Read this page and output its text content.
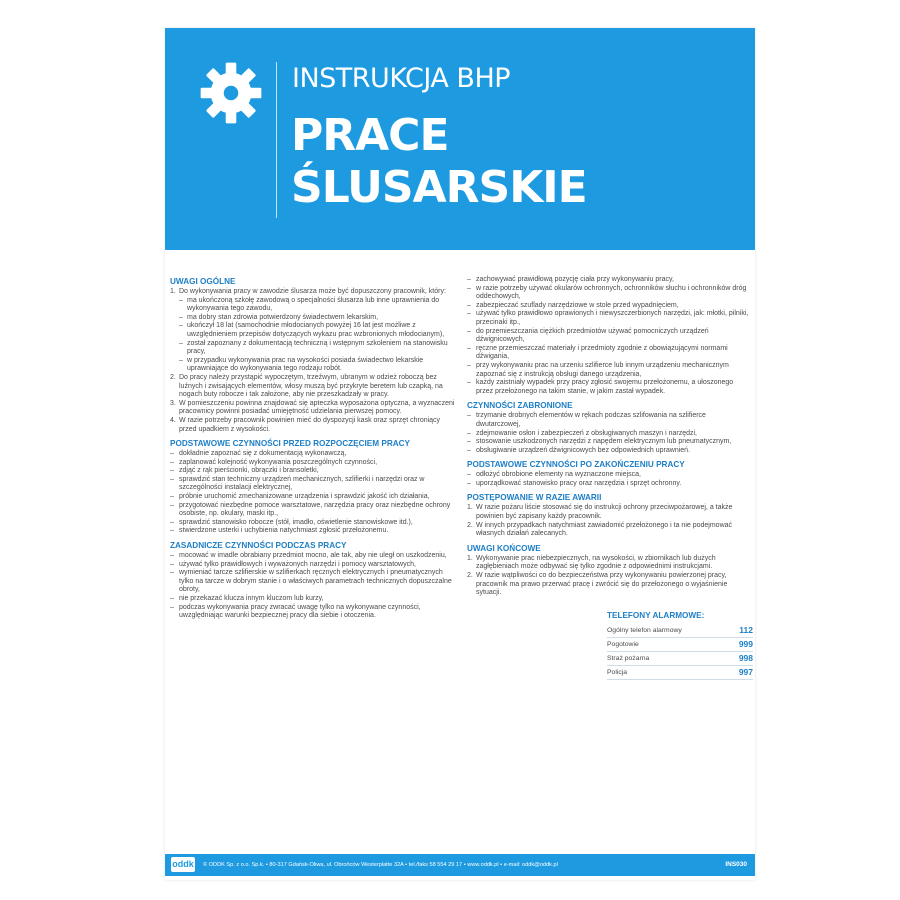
INSTRUKCJA BHP
PRACE
ŚLUSARSKIE
UWAGI OGÓLNE
1. Do wykonywania pracy w zawodzie ślusarza może być dopuszczony pracownik, który:
– ma ukończoną szkołę zawodową o specjalności ślusarza lub inne uprawnienia do wykonywania tego zawodu,
– ma dobry stan zdrowia potwierdzony świadectwem lekarskim,
– ukończył 18 lat (samochodnie młodocianych powyżej 16 lat jest możliwe z uwzględnieniem przepisów dotyczących wykazu prac wzbronionych młodocianym),
– został zapoznany z dokumentacją techniczną i wstępnym szkoleniem na stanowisku pracy,
– w przypadku wykonywania prac na wysokości posiada świadectwo lekarskie uprawniające do wykonywania tego rodzaju robót.
2. Do pracy należy przystąpić wypoczętym, trzeźwym, ubranym w odzież roboczą bez luźnych i zwisających elementów, włosy muszą być przykryte beretem lub czapką, na nogach buty robocze i tak założone, aby nie przeszkadzały w pracy.
3. W pomieszczeniu powinna znajdować się apteczka wyposażona optyczna, a wyznaczeni pracownicy powinni posiadać umiejętność udzielania pierwszej pomocy.
4. W razie potrzeby pracownik powinien mieć do dyspozycji kask oraz sprzęt chroniący przed upadkiem z wysokości.
PODSTAWOWE CZYNNOŚCI PRZED ROZPOCZĘCIEM PRACY
– dokładnie zapoznać się z dokumentacją wykonawczą,
– zaplanować kolejność wykonywania poszczególnych czynności,
– zdjąć z rąk pierścionki, obrączki i bransoletki,
– sprawdzić stan techniczny urządzeń mechanicznych, szlifierki i narzędzi oraz w szczególności instalacji elektrycznej,
– próbnie uruchomić zmechanizowane urządzenia i sprawdzić jakość ich działania,
– przygotować niezbędne pomoce warsztatowe, narzędzia pracy oraz niezbędne ochrony osobiste, np. okulary, maski itp.,
– sprawdzić stanowisko robocze (stół, imadło, oświetlenie stanowiskowe itd.),
– stwierdzone usterki i uchybienia natychmiast zgłosić przełożonemu.
ZASADNICZE CZYNNOŚCI PODCZAS PRACY
– mocować w imadle obrabiany przedmiot mocno, ale tak, aby nie uległ on uszkodzeniu,
– używać tylko prawidłowych i wyważonych narzędzi i pomocy warsztatowych,
– wymieniać tarcze szlifierskie w szlifierkach ręcznych elektrycznych i pneumatycznych tylko na tarcze w dobrym stanie i o właściwych parametrach technicznych dopuszczalne obroty,
– nie przekazać klucza innym kluczom lub kurzy,
– podczas wykonywania pracy zwracać uwagę tylko na wykonywane czynności, uwzględniając warunki bezpiecznej pracy dla siebie i otoczenia.
– zachowywać prawidłową pozycję ciała przy wykonywaniu pracy,
– w razie potrzeby używać okularów ochronnych, ochronników słuchu i ochronników dróg oddechowych,
– zabezpieczać szuflady narzędziowe w stole przed wypadnięciem,
– używać tylko prawidłowo oprawionych i niewyszczerbionych narzędzi, jak: młotki, pilniki, przecinaki itp.,
– do przemieszczania ciężkich przedmiotów używać pomocniczych urządzeń dźwignicowych,
– ręczne przemieszczać materiały i przedmioty zgodnie z obowiązującymi normami dźwigania,
– przy wykonywaniu prac na urzeniu szlifierce lub innym urządzeniu mechanicznym zapoznać się z instrukcją obsługi danego urządzenia,
– każdy zaistniały wypadek przy pracy zgłosić swojemu przełożonemu, a ułoszonego przez przełożonego na takim stanie, w jakim zastał wypadek.
CZYNNOŚCI ZABRONIONE
– trzymanie drobnych elementów w rękach podczas szlifowania na szlifierce dwutarczowej,
– zdejmowanie osłon i zabezpieczeń z obsługiwanych maszyn i narzędzi,
– stosowanie uszkodzonych narzędzi z napędem elektrycznym lub pneumatycznym,
– obsługiwanie urządzeń dźwignicowych bez odpowiednich uprawnień.
PODSTAWOWE CZYNNOŚCI PO ZAKOŃCZENIU PRACY
– odłożyć obrobione elementy na wyznaczone miejsca,
– uporządkować stanowisko pracy oraz narzędzia i sprzęt ochronny.
POSTĘPOWANIE W RAZIE AWARII
1. W razie pożaru liście stosować się do instrukcji ochrony przeciwpożarowej, a także powinien być zapisany każdy pracownik.
2. W innych przypadkach natychmiast zawiadomić przełożonego i ta nie podejmować własnych działań zalecanych.
UWAGI KOŃCOWE
1. Wykonywanie prac niebezpiecznych, na wysokości, w zbiornikach lub dużych zagłębieniach może odbywać się tylko zgodnie z odpowiednimi instrukcjami.
2. W razie wątpliwości co do bezpieczeństwa przy wykonywaniu powierzonej pracy, pracownik ma prawo przerwać pracę i zwrócić się do przełożonego o wyjaśnienie sytuacji.
TELEFONY ALARMOWE:
Ogólny telefon alarmowy	112
Pogotowie	999
Straż pożarna	998
Policja	997
oddk © ODDK Sp. z o.o. Sp.k. • 80-317 Gdańsk-Oliwa, ul. Obrońców Westerplatte 32A • tel./faks 58 554 29 17 • www.oddk.pl • e-mail: oddk@oddk.pl	INS030
